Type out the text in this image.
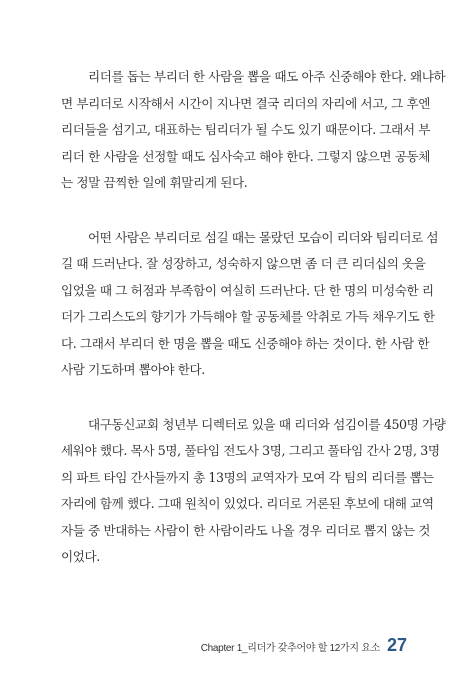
리더를 돕는 부리더 한 사람을 뽑을 때도 아주 신중해야 한다. 왜냐하
면 부리더로 시작해서 시간이 지나면 결국 리더의 자리에 서고, 그 후엔
리더들을 섬기고, 대표하는 팀리더가 될 수도 있기 때문이다. 그래서 부
리더 한 사람을 선정할 때도 심사숙고 해야 한다. 그렇지 않으면 공동체
는 정말 끔찍한 일에 휘말리게 된다.
어떤 사람은 부리더로 섬길 때는 몰랐던 모습이 리더와 팀리더로 섬
길 때 드러난다. 잘 성장하고, 성숙하지 않으면 좀 더 큰 리더십의 옷을
입었을 때 그 허점과 부족함이 여실히 드러난다. 단 한 명의 미성숙한 리
더가 그리스도의 향기가 가득해야 할 공동체를 악취로 가득 채우기도 한
다. 그래서 부리더 한 명을 뽑을 때도 신중해야 하는 것이다. 한 사람 한
사람 기도하며 뽑아야 한다.
대구동신교회 청년부 디렉터로 있을 때 리더와 섬김이를 450명 가량
세워야 했다. 목사 5명, 풀타임 전도사 3명, 그리고 풀타임 간사 2명, 3명
의 파트 타임 간사들까지 총 13명의 교역자가 모여 각 팀의 리더를 뽑는
자리에 함께 했다. 그때 원칙이 있었다. 리더로 거론된 후보에 대해 교역
자들 중 반대하는 사람이 한 사람이라도 나올 경우 리더로 뽑지 않는 것
이었다.
Chapter 1_리더가 갖추어야 할 12가지 요소 27
